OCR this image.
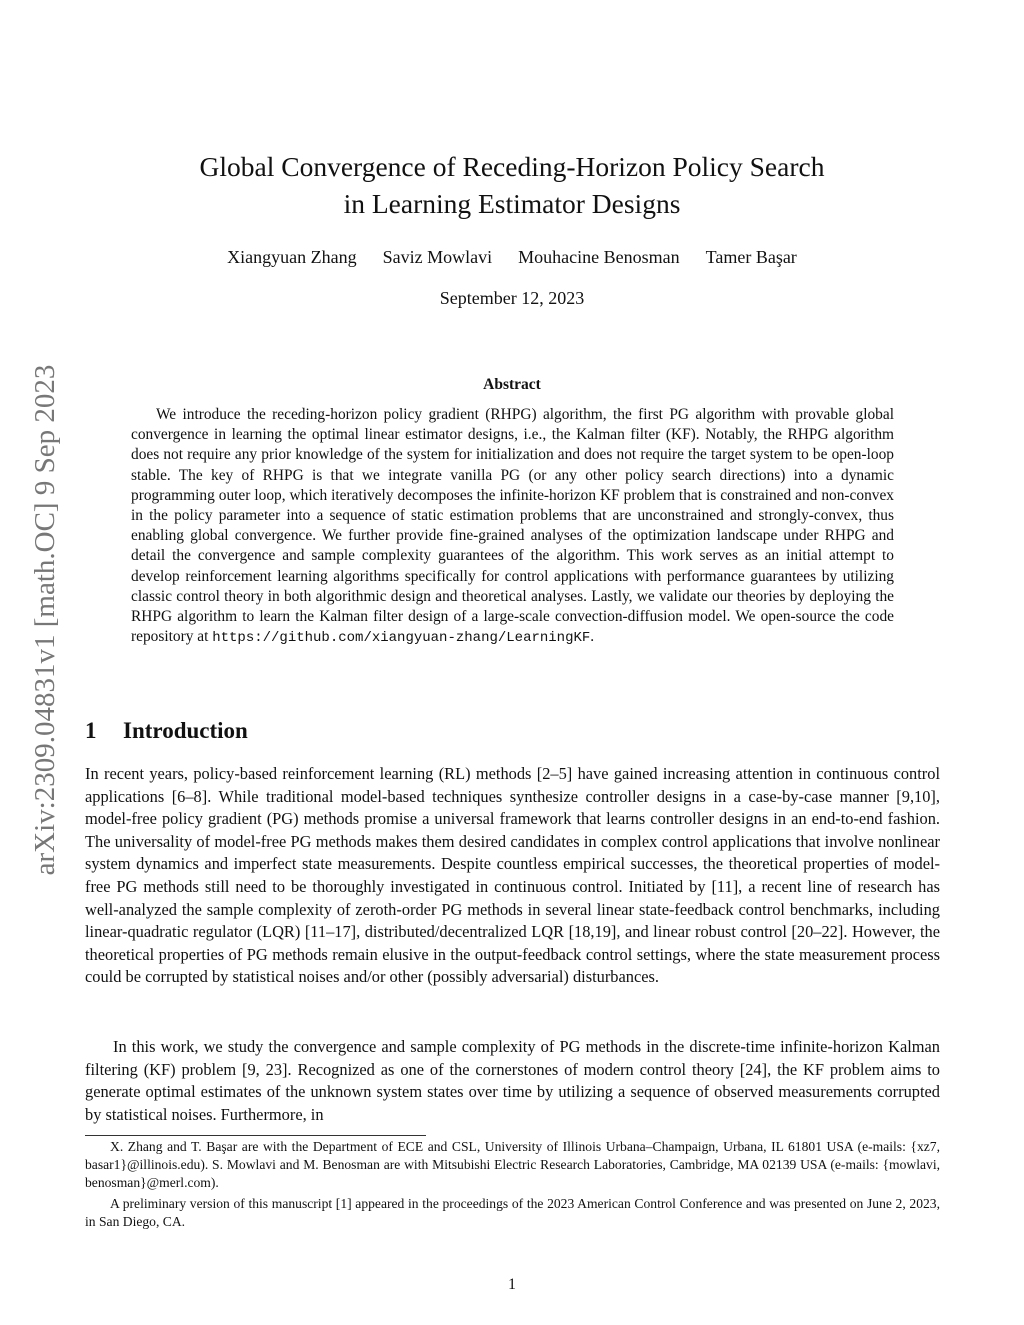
arXiv:2309.04831v1 [math.OC] 9 Sep 2023
Global Convergence of Receding-Horizon Policy Search
in Learning Estimator Designs
Xiangyuan Zhang Saviz Mowlavi Mouhacine Benosman Tamer Başar
September 12, 2023
Abstract

We introduce the receding-horizon policy gradient (RHPG) algorithm, the first PG algorithm with provable global convergence in learning the optimal linear estimator designs, i.e., the Kalman filter (KF). Notably, the RHPG algorithm does not require any prior knowledge of the system for initialization and does not require the target system to be open-loop stable. The key of RHPG is that we integrate vanilla PG (or any other policy search directions) into a dynamic programming outer loop, which iteratively decomposes the infinite-horizon KF problem that is constrained and non-convex in the policy parameter into a sequence of static estimation problems that are unconstrained and strongly-convex, thus enabling global convergence. We further provide fine-grained analyses of the optimization landscape under RHPG and detail the convergence and sample complexity guarantees of the algorithm. This work serves as an initial attempt to develop reinforcement learning algorithms specifically for control applications with performance guarantees by utilizing classic control theory in both algorithmic design and theoretical analyses. Lastly, we validate our theories by deploying the RHPG algorithm to learn the Kalman filter design of a large-scale convection-diffusion model. We open-source the code repository at https://github.com/xiangyuan-zhang/LearningKF.

1 Introduction

In recent years, policy-based reinforcement learning (RL) methods [2–5] have gained increasing attention in continuous control applications [6–8]. While traditional model-based techniques synthesize controller designs in a case-by-case manner [9,10], model-free policy gradient (PG) methods promise a universal framework that learns controller designs in an end-to-end fashion. The universality of model-free PG methods makes them desired candidates in complex control applications that involve nonlinear system dynamics and imperfect state measurements. Despite countless empirical successes, the theoretical properties of model-free PG methods still need to be thoroughly investigated in continuous control. Initiated by [11], a recent line of research has well-analyzed the sample complexity of zeroth-order PG methods in several linear state-feedback control benchmarks, including linear-quadratic regulator (LQR) [11–17], distributed/decentralized LQR [18,19], and linear robust control [20–22]. However, the theoretical properties of PG methods remain elusive in the output-feedback control settings, where the state measurement process could be corrupted by statistical noises and/or other (possibly adversarial) disturbances.

In this work, we study the convergence and sample complexity of PG methods in the discrete-time infinite-horizon Kalman filtering (KF) problem [9, 23]. Recognized as one of the cornerstones of modern control theory [24], the KF problem aims to generate optimal estimates of the unknown system states over time by utilizing a sequence of observed measurements corrupted by statistical noises. Furthermore, in

X. Zhang and T. Başar are with the Department of ECE and CSL, University of Illinois Urbana–Champaign, Urbana, IL 61801 USA (e-mails: {xz7, basar1}@illinois.edu). S. Mowlavi and M. Benosman are with Mitsubishi Electric Research Laboratories, Cambridge, MA 02139 USA (e-mails: {mowlavi, benosman}@merl.com).

A preliminary version of this manuscript [1] appeared in the proceedings of the 2023 American Control Conference and was presented on June 2, 2023, in San Diego, CA.

1
